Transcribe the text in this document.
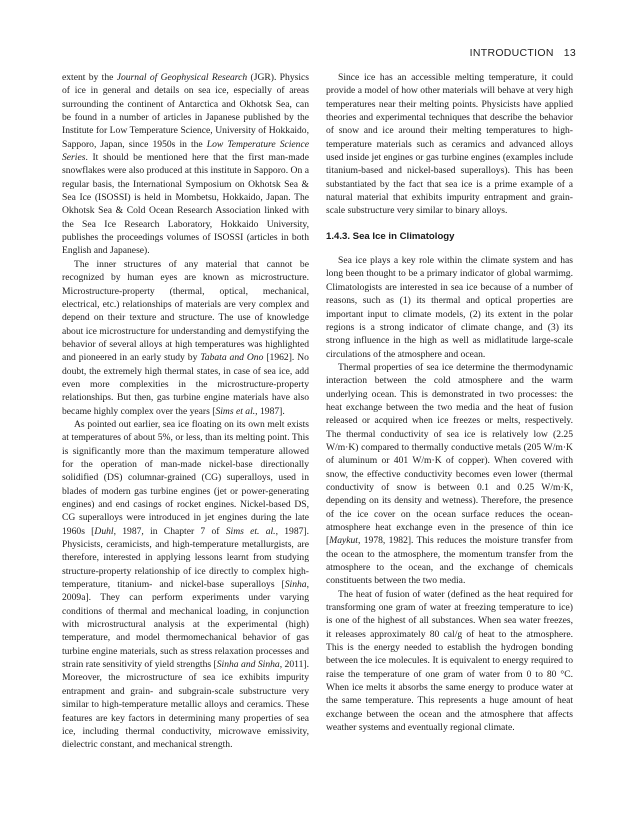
INTRODUCTION 13

extent by the Journal of Geophysical Research (JGR). Physics of ice in general and details on sea ice, especially of areas surrounding the continent of Antarctica and Okhotsk Sea, can be found in a number of articles in Japanese published by the Institute for Low Temperature Science, University of Hokkaido, Sapporo, Japan, since 1950s in the Low Temperature Science Series. It should be mentioned here that the first man-made snowflakes were also produced at this institute in Sapporo. On a regular basis, the International Symposium on Okhotsk Sea & Sea Ice (ISOSSI) is held in Mombetsu, Hokkaido, Japan. The Okhotsk Sea & Cold Ocean Research Association linked with the Sea Ice Research Laboratory, Hokkaido University, publishes the proceedings volumes of ISOSSI (articles in both English and Japanese).

The inner structures of any material that cannot be recognized by human eyes are known as microstructure. Microstructure-property (thermal, optical, mechanical, electrical, etc.) relationships of materials are very complex and depend on their texture and structure. The use of knowledge about ice microstructure for understanding and demystifying the behavior of several alloys at high temperatures was highlighted and pioneered in an early study by Tabata and Ono [1962]. No doubt, the extremely high thermal states, in case of sea ice, add even more complexities in the microstructure-property relationships. But then, gas turbine engine materials have also became highly complex over the years [Sims et al., 1987].

As pointed out earlier, sea ice floating on its own melt exists at temperatures of about 5%, or less, than its melting point. This is significantly more than the maximum temperature allowed for the operation of man-made nickel-base directionally solidified (DS) columnar-grained (CG) superalloys, used in blades of modern gas turbine engines (jet or power-generating engines) and end casings of rocket engines. Nickel-based DS, CG superalloys were introduced in jet engines during the late 1960s [Duhl, 1987, in Chapter 7 of Sims et. al., 1987]. Physicists, ceramicists, and high-temperature metallurgists, are therefore, interested in applying lessons learnt from studying structure-property relationship of ice directly to complex high-temperature, titanium- and nickel-base superalloys [Sinha, 2009a]. They can perform experiments under varying conditions of thermal and mechanical loading, in conjunction with microstructural analysis at the experimental (high) temperature, and model thermomechanical behavior of gas turbine engine materials, such as stress relaxation processes and strain rate sensitivity of yield strengths [Sinha and Sinha, 2011]. Moreover, the microstructure of sea ice exhibits impurity entrapment and grain- and subgrain-scale substructure very similar to high-temperature metallic alloys and ceramics. These features are key factors in determining many properties of sea ice, including thermal conductivity, microwave emissivity, dielectric constant, and mechanical strength.

Since ice has an accessible melting temperature, it could provide a model of how other materials will behave at very high temperatures near their melting points. Physicists have applied theories and experimental techniques that describe the behavior of snow and ice around their melting temperatures to high-temperature materials such as ceramics and advanced alloys used inside jet engines or gas turbine engines (examples include titanium-based and nickel-based superalloys). This has been substantiated by the fact that sea ice is a prime example of a natural material that exhibits impurity entrapment and grain-scale substructure very similar to binary alloys.

1.4.3. Sea Ice in Climatology

Sea ice plays a key role within the climate system and has long been thought to be a primary indicator of global warmimg. Climatologists are interested in sea ice because of a number of reasons, such as (1) its thermal and optical properties are important input to climate models, (2) its extent in the polar regions is a strong indicator of climate change, and (3) its strong influence in the high as well as midlatitude large-scale circulations of the atmosphere and ocean.

Thermal properties of sea ice determine the thermodynamic interaction between the cold atmosphere and the warm underlying ocean. This is demonstrated in two processes: the heat exchange between the two media and the heat of fusion released or acquired when ice freezes or melts, respectively. The thermal conductivity of sea ice is relatively low (2.25 W/m·K) compared to thermally conductive metals (205 W/m·K of aluminum or 401 W/m·K of copper). When covered with snow, the effective conductivity becomes even lower (thermal conductivity of snow is between 0.1 and 0.25 W/m·K, depending on its density and wetness). Therefore, the presence of the ice cover on the ocean surface reduces the ocean-atmosphere heat exchange even in the presence of thin ice [Maykut, 1978, 1982]. This reduces the moisture transfer from the ocean to the atmosphere, the momentum transfer from the atmosphere to the ocean, and the exchange of chemicals constituents between the two media.

The heat of fusion of water (defined as the heat required for transforming one gram of water at freezing temperature to ice) is one of the highest of all substances. When sea water freezes, it releases approximately 80 cal/g of heat to the atmosphere. This is the energy needed to establish the hydrogen bonding between the ice molecules. It is equivalent to energy required to raise the temperature of one gram of water from 0 to 80 °C. When ice melts it absorbs the same energy to produce water at the same temperature. This represents a huge amount of heat exchange between the ocean and the atmosphere that affects weather systems and eventually regional climate.
